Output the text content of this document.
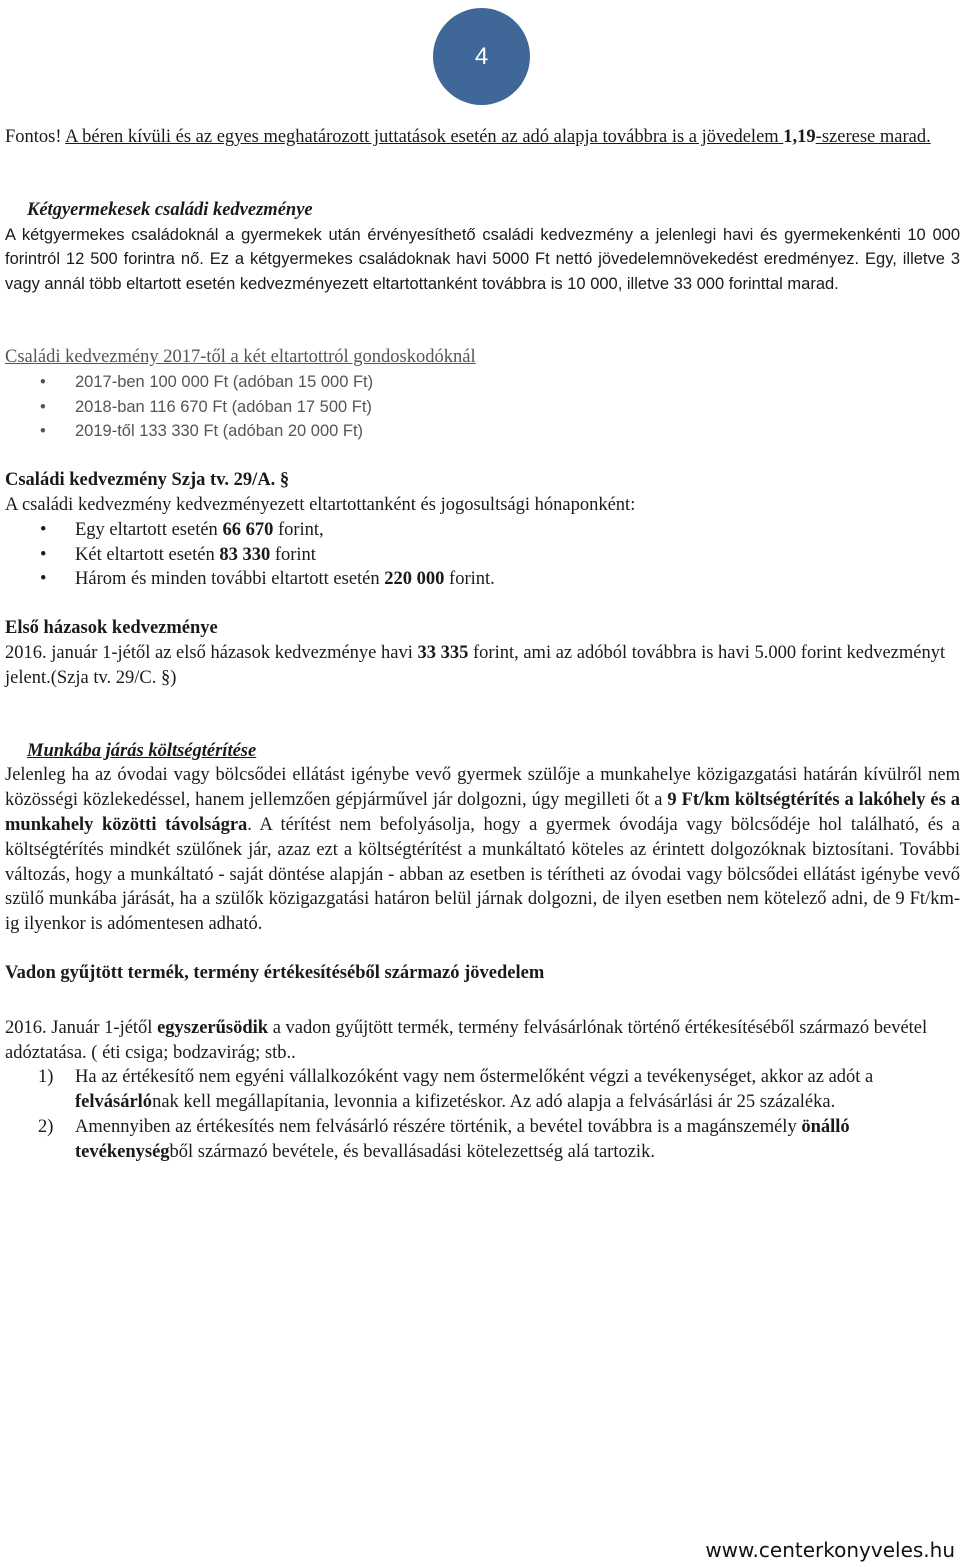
4

Fontos! A béren kívüli és az egyes meghatározott juttatások esetén az adó alapja továbbra is a jövedelem 1,19-szerese marad.

Kétgyermekesek családi kedvezménye

A kétgyermekes családoknál a gyermekek után érvényesíthető családi kedvezmény a jelenlegi havi és gyermekenkénti 10 000 forintról 12 500 forintra nő. Ez a kétgyermekes családoknak havi 5000 Ft nettó jövedelemnövekedést eredményez. Egy, illetve 3 vagy annál több eltartott esetén kedvezményezett eltartottanként továbbra is 10 000, illetve 33 000 forinttal marad.

Családi kedvezmény 2017-től a két eltartottról gondoskodóknál

• 2017-ben 100 000 Ft (adóban 15 000 Ft)
• 2018-ban 116 670 Ft (adóban 17 500 Ft)
• 2019-től 133 330 Ft (adóban 20 000 Ft)

Családi kedvezmény Szja tv. 29/A. §

A családi kedvezmény kedvezményezett eltartottanként és jogosultsági hónaponként:

• Egy eltartott esetén 66 670 forint,
• Két eltartott esetén 83 330 forint
• Három és minden további eltartott esetén 220 000 forint.

Első házasok kedvezménye

2016. január 1-jétől az első házasok kedvezménye havi 33 335 forint, ami az adóból továbbra is havi 5.000 forint kedvezményt jelent.(Szja tv. 29/C. §)

Munkába járás költségtérítése

Jelenleg ha az óvodai vagy bölcsődei ellátást igénybe vevő gyermek szülője a munkahelye közigazgatási határán kívülről nem közösségi közlekedéssel, hanem jellemzően gépjárművel jár dolgozni, úgy megilleti őt a 9 Ft/km költségtérítés a lakóhely és a munkahely közötti távolságra. A térítést nem befolyásolja, hogy a gyermek óvodája vagy bölcsődéje hol található, és a költségtérítés mindkét szülőnek jár, azaz ezt a költségtérítést a munkáltató köteles az érintett dolgozóknak biztosítani. További változás, hogy a munkáltató - saját döntése alapján - abban az esetben is térítheti az óvodai vagy bölcsődei ellátást igénybe vevő szülő munkába járását, ha a szülők közigazgatási határon belül járnak dolgozni, de ilyen esetben nem kötelező adni, de 9 Ft/km-ig ilyenkor is adómentesen adható.

Vadon gyűjtött termék, termény értékesítéséből származó jövedelem

2016. Január 1-jétől egyszerűsödik a vadon gyűjtött termék, termény felvásárlónak történő értékesítéséből származó bevétel adóztatása. ( éti csiga; bodzavirág; stb..

1) Ha az értékesítő nem egyéni vállalkozóként vagy nem őstermelőként végzi a tevékenységet, akkor az adót a felvásárlónak kell megállapítania, levonnia a kifizetéskor. Az adó alapja a felvásárlási ár 25 százaléka.
2) Amennyiben az értékesítés nem felvásárló részére történik, a bevétel továbbra is a magánszemély önálló tevékenységből származó bevétele, és bevallásadási kötelezettség alá tartozik.
www.centerkonyveles.hu
